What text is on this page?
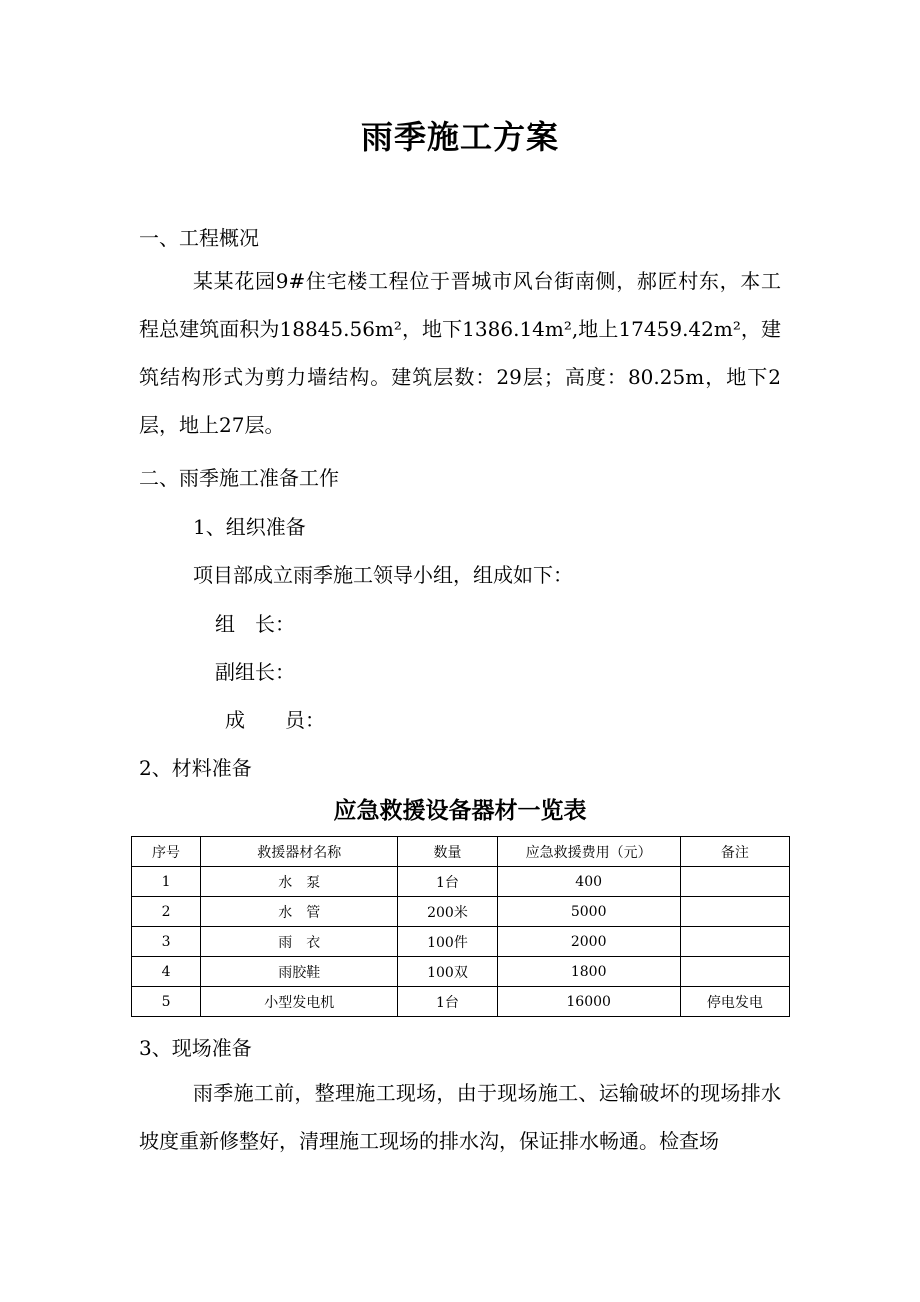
雨季施工方案
一、工程概况
某某花园9#住宅楼工程位于晋城市风台街南侧，郝匠村东，本工程总建筑面积为18845.56m²，地下1386.14m²,地上17459.42m²，建筑结构形式为剪力墙结构。建筑层数：29层；高度：80.25m，地下2层，地上27层。
二、雨季施工准备工作
1、组织准备
项目部成立雨季施工领导小组，组成如下：
组　长：
副组长：
成　　员：
2、材料准备
应急救援设备器材一览表
序号	救援器材名称	数量	应急救援费用（元）	备注
1	水　泵	1台	400	
2	水　管	200米	5000	
3	雨　衣	100件	2000	
4	雨胶鞋	100双	1800	
5	小型发电机	1台	16000	停电发电
3、现场准备
雨季施工前，整理施工现场，由于现场施工、运输破坏的现场排水坡度重新修整好，清理施工现场的排水沟，保证排水畅通。检查场
